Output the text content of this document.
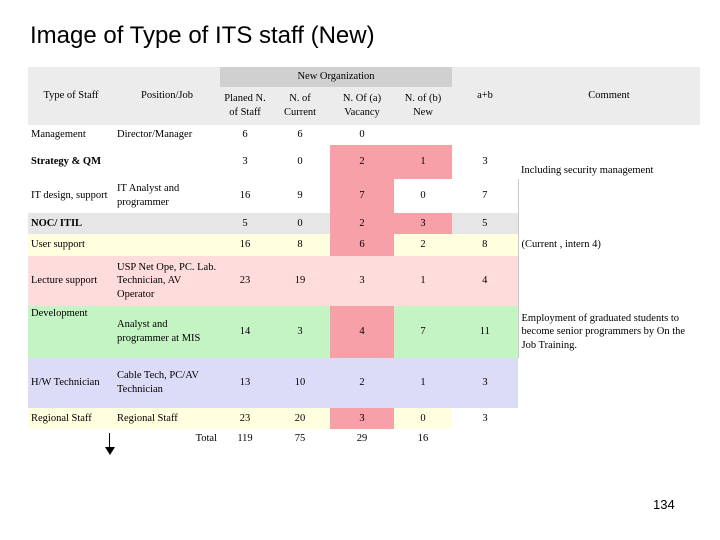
Image of Type of ITS staff (New)
Type of Staff	Position/Job	New Organization				a+b	Comment
		Planed N. of Staff	N. of Current	N. Of (a) Vacancy	N. of (b) New		
Management	Director/Manager	6	6	0			
Strategy & QM		3	0	2	1	3	Including security management
IT design, support	IT Analyst and programmer	16	9	7	0	7	
NOC/ ITIL		5	0	2	3	5	
User support		16	8	6	2	8	(Current , intern 4)
Lecture support	USP Net Ope, PC. Lab. Technician, AV Operator	23	19	3	1	4	
Development	Analyst and programmer at MIS	14	3	4	7	11	Employment of graduated students to become senior programmers by On the Job Training.
H/W Technician	Cable Tech, PC/AV Technician	13	10	2	1	3	
Regional Staff	Regional Staff	23	20	3	0	3	
	Total	119	75	29	16		
134
